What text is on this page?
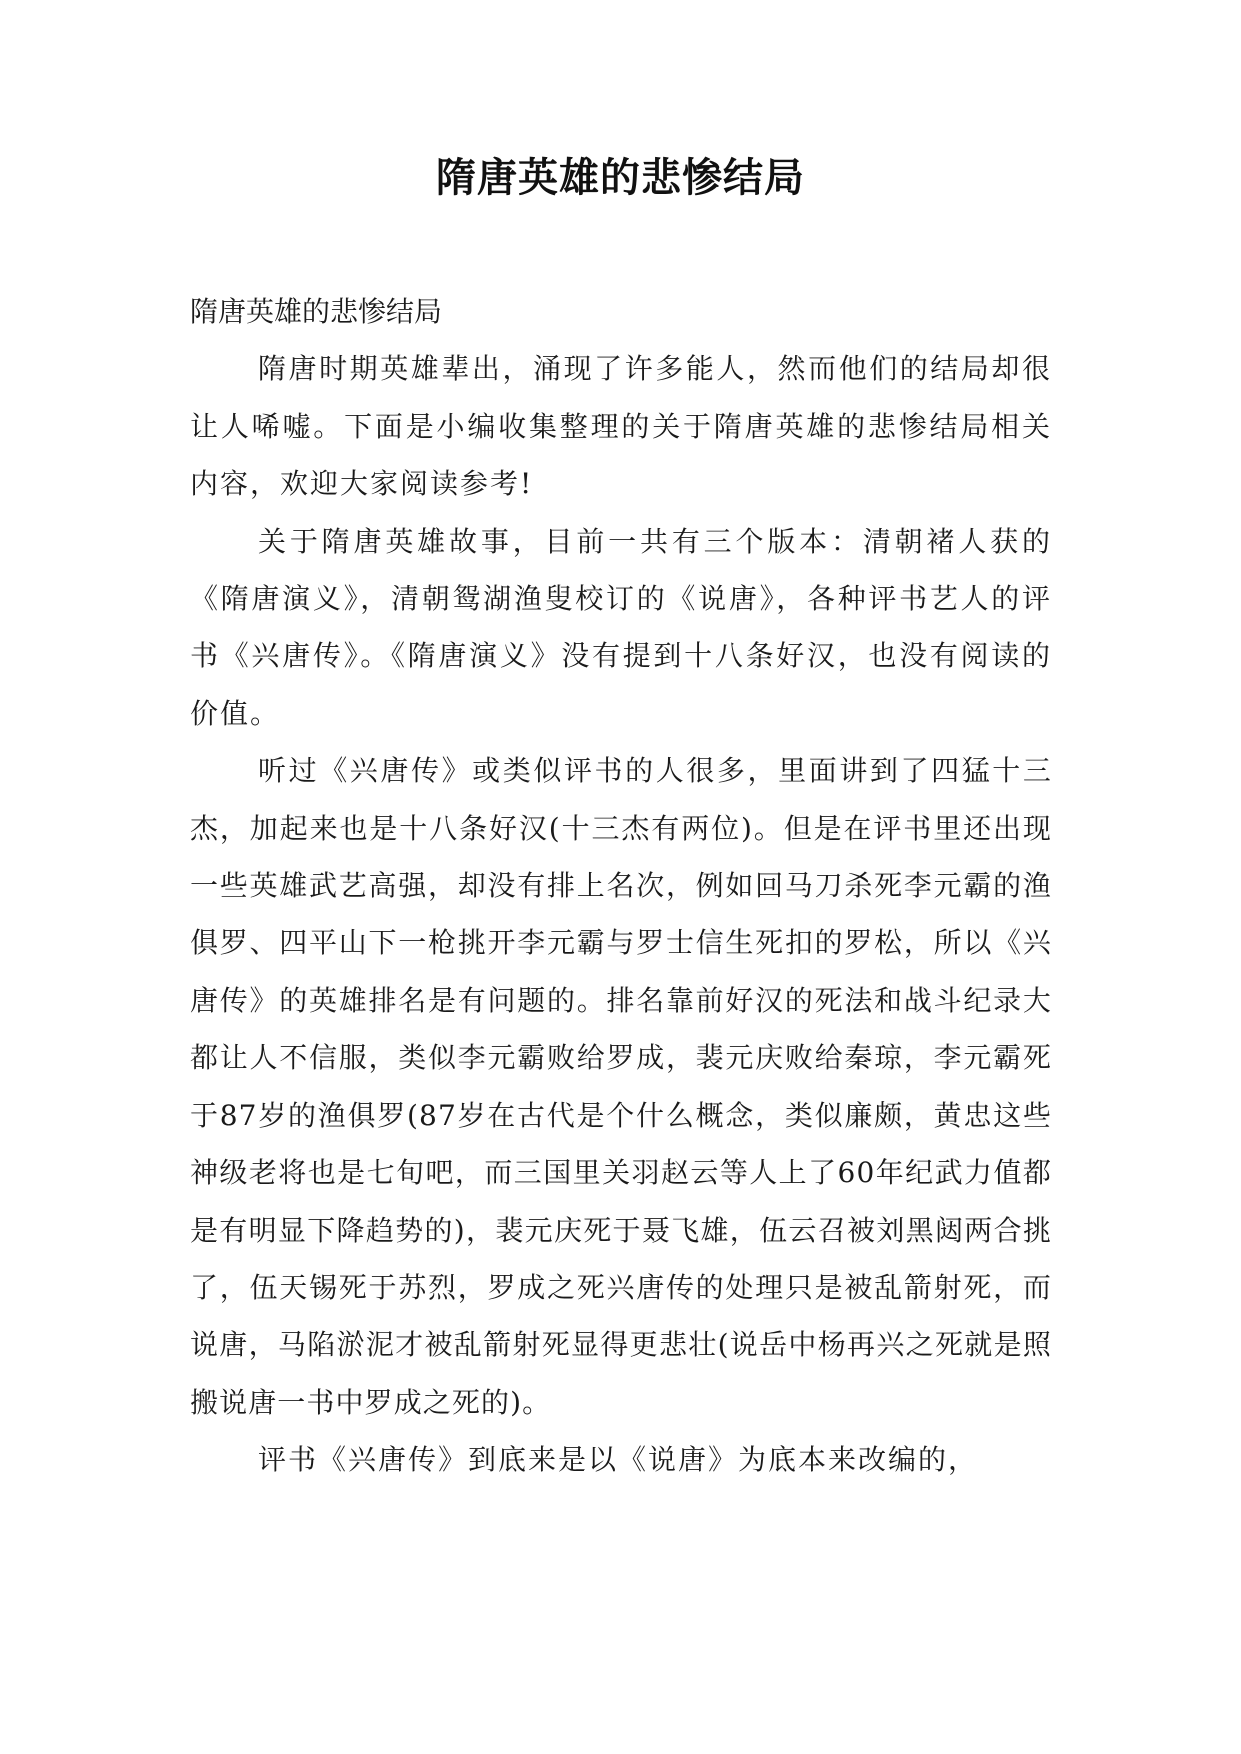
隋唐英雄的悲惨结局

隋唐英雄的悲惨结局

隋唐时期英雄辈出，涌现了许多能人，然而他们的结局却很让人唏嘘。下面是小编收集整理的关于隋唐英雄的悲惨结局相关内容，欢迎大家阅读参考!

关于隋唐英雄故事，目前一共有三个版本：清朝褚人获的《隋唐演义》，清朝鸳湖渔叟校订的《说唐》，各种评书艺人的评书《兴唐传》。《隋唐演义》没有提到十八条好汉，也没有阅读的价值。

听过《兴唐传》或类似评书的人很多，里面讲到了四猛十三杰，加起来也是十八条好汉(十三杰有两位)。但是在评书里还出现一些英雄武艺高强，却没有排上名次，例如回马刀杀死李元霸的渔俱罗、四平山下一枪挑开李元霸与罗士信生死扣的罗松，所以《兴唐传》的英雄排名是有问题的。排名靠前好汉的死法和战斗纪录大都让人不信服，类似李元霸败给罗成，裴元庆败给秦琼，李元霸死于87岁的渔俱罗(87岁在古代是个什么概念，类似廉颇，黄忠这些神级老将也是七旬吧，而三国里关羽赵云等人上了60年纪武力值都是有明显下降趋势的)，裴元庆死于聂飞雄，伍云召被刘黑闼两合挑了，伍天锡死于苏烈，罗成之死兴唐传的处理只是被乱箭射死，而说唐，马陷淤泥才被乱箭射死显得更悲壮(说岳中杨再兴之死就是照搬说唐一书中罗成之死的)。

评书《兴唐传》到底来是以《说唐》为底本来改编的，
